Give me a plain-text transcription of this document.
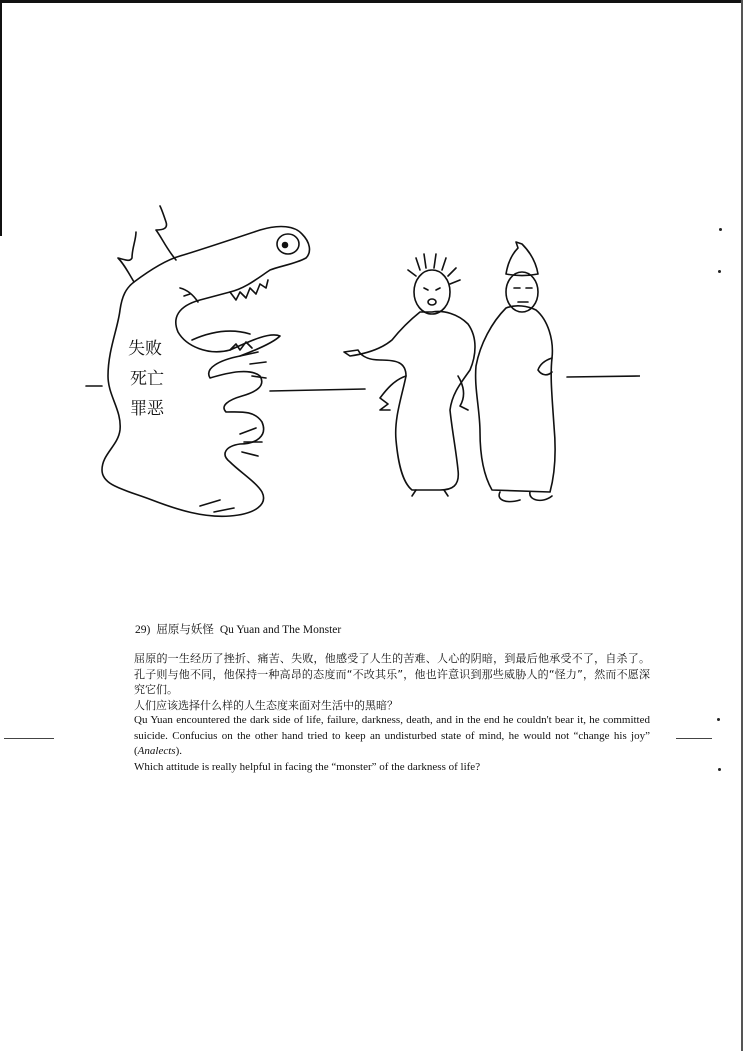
失败
死亡
罪恶
29) 屈原与妖怪 Qu Yuan and The Monster

屈原的一生经历了挫折、痛苦、失败，他感受了人生的苦难、人心的阴暗，到最后他承受不了，自杀了。孔子则与他不同，他保持一种高昂的态度而“不改其乐”，他也许意识到那些威胁人的“怪力”，然而不愿深究它们。

人们应该选择什么样的人生态度来面对生活中的黑暗？

Qu Yuan encountered the dark side of life, failure, darkness, death, and in the end he couldn't bear it, he committed suicide. Confucius on the other hand tried to keep an undisturbed state of mind, he would not “change his joy” (Analects).

Which attitude is really helpful in facing the “monster” of the darkness of life?
